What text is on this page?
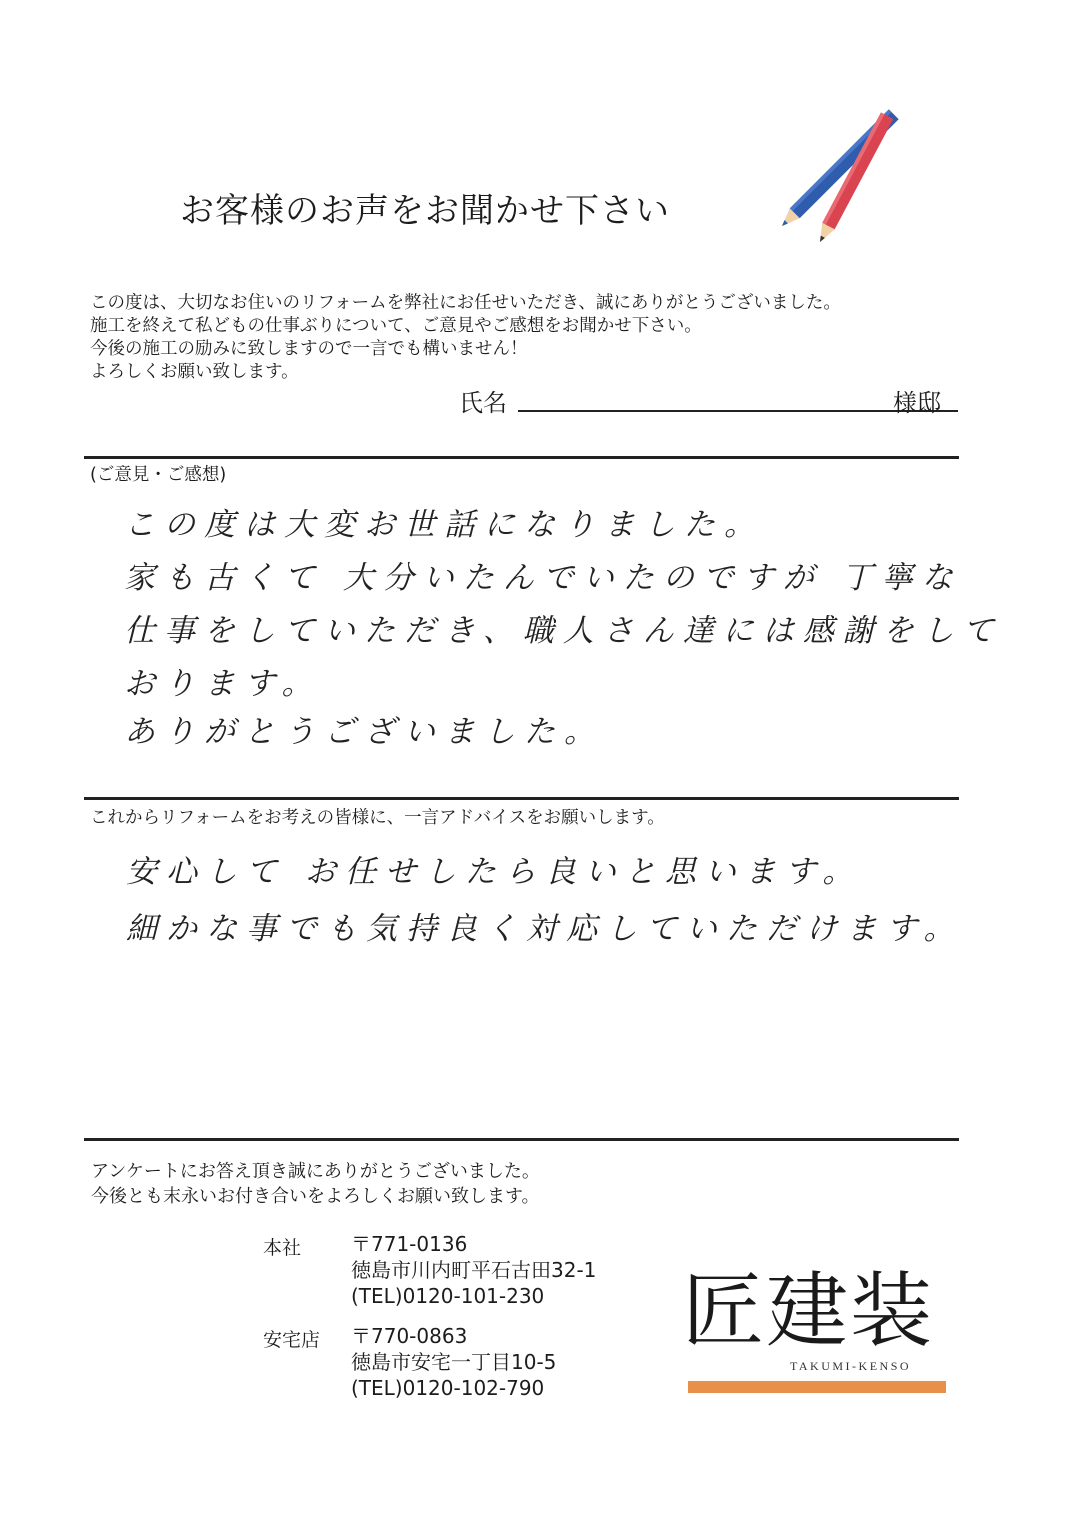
お客様のお声をお聞かせ下さい
この度は、大切なお住いのリフォームを弊社にお任せいただき、誠にありがとうございました。
施工を終えて私どもの仕事ぶりについて、ご意見やご感想をお聞かせ下さい。
今後の施工の励みに致しますので一言でも構いません！
よろしくお願い致します。
氏名	様邸
(ご意見・ご感想)
この度は大変お世話になりました。
家も古くて 大分いたんでいたのですが 丁寧な
仕事をしていただき、職人さん達には感謝をして
おります。
ありがとうございました。
これからリフォームをお考えの皆様に、一言アドバイスをお願いします。
安心して お任せしたら良いと思います。
細かな事でも気持良く対応していただけます。
アンケートにお答え頂き誠にありがとうございました。
今後とも末永いお付き合いをよろしくお願い致します。
本社 〒771-0136
徳島市川内町平石古田32-1
(TEL)0120-101-230
安宅店 〒770-0863
徳島市安宅一丁目10-5
(TEL)0120-102-790
匠建装
TAKUMI-KENSO
